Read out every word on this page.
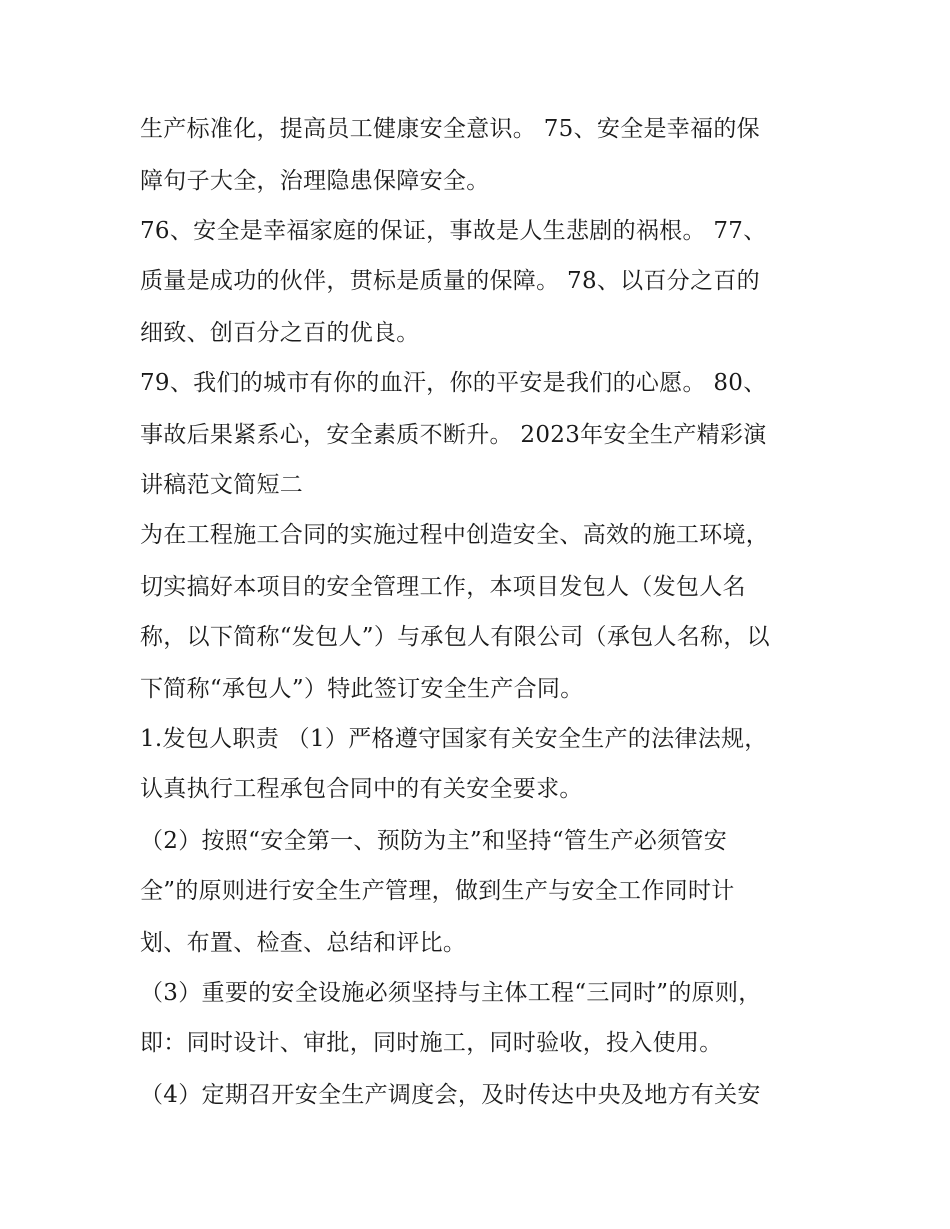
生产标准化，提高员工健康安全意识。 75、安全是幸福的保
障句子大全，治理隐患保障安全。
76、安全是幸福家庭的保证，事故是人生悲剧的祸根。 77、
质量是成功的伙伴，贯标是质量的保障。 78、以百分之百的
细致、创百分之百的优良。
79、我们的城市有你的血汗，你的平安是我们的心愿。 80、
事故后果紧系心，安全素质不断升。 2023年安全生产精彩演
讲稿范文简短二
为在工程施工合同的实施过程中创造安全、高效的施工环境，
切实搞好本项目的安全管理工作，本项目发包人（发包人名
称，以下简称“发包人”）与承包人有限公司（承包人名称，以
下简称“承包人”）特此签订安全生产合同。
1.发包人职责 （1）严格遵守国家有关安全生产的法律法规，
认真执行工程承包合同中的有关安全要求。
（2）按照“安全第一、预防为主”和坚持“管生产必须管安
全”的原则进行安全生产管理，做到生产与安全工作同时计
划、布置、检查、总结和评比。
（3）重要的安全设施必须坚持与主体工程“三同时”的原则，
即：同时设计、审批，同时施工，同时验收，投入使用。
（4）定期召开安全生产调度会，及时传达中央及地方有关安
